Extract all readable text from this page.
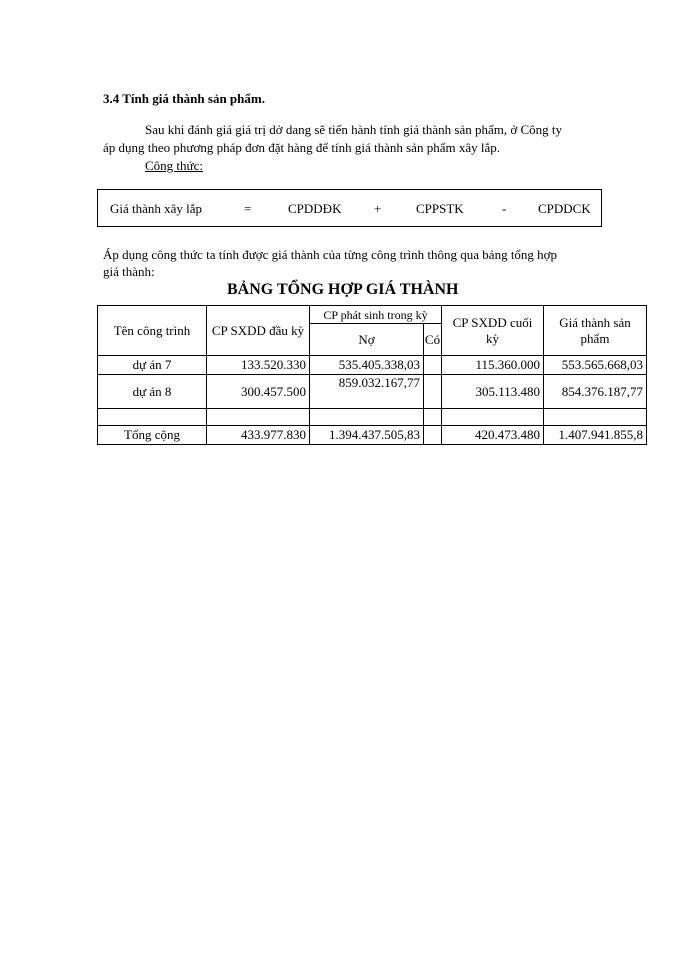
3.4 Tính giá thành sản phẩm.
Sau khi đánh giá giá trị dở dang sẽ tiến hành tính giá thành sản phẩm, ở Công ty
áp dụng theo phương pháp đơn đặt hàng để tính giá thành sản phẩm xây lắp.
Công thức:
Giá thành xây lắp	=	CPDDĐK	+	CPPSTK	- CPDDCK
Áp dụng công thức ta tính được giá thành của từng công trình thông qua bảng tổng hợp
giá thành:
BẢNG TỔNG HỢP GIÁ THÀNH
Tên công trình	CP SXDD đầu kỳ	CP phát sinh trong kỳ		CP SXDD cuối kỳ	Giá thành sản phẩm
		Nợ	Có		
dự án 7	133.520.330	535.405.338,03		115.360.000	553.565.668,03
dự án 8	300.457.500	859.032.167,77		305.113.480	854.376.187,77

Tổng cộng	433.977.830	1.394.437.505,83		420.473.480	1.407.941.855,8
